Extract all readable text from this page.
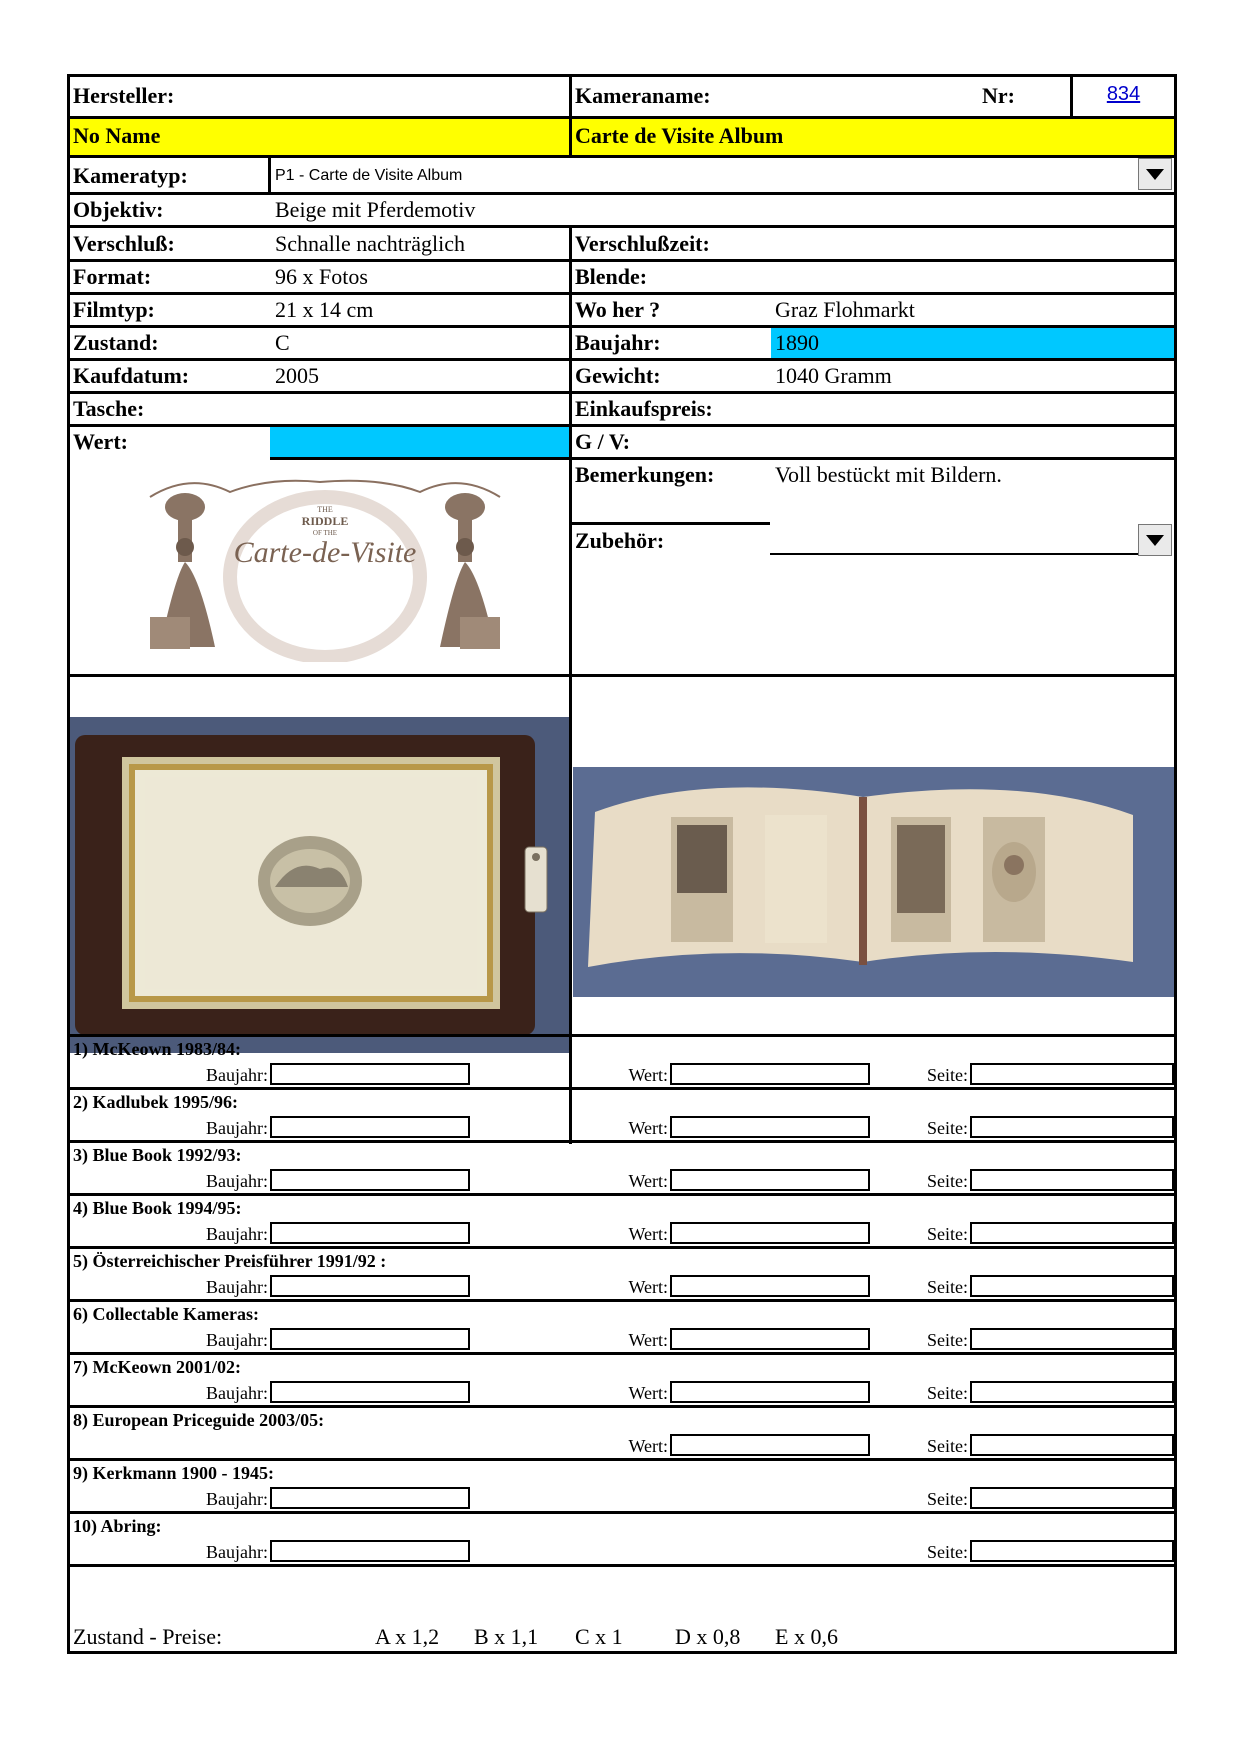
Hersteller:	Kameraname:	Nr:	834
No Name	Carte de Visite Album
Kameratyp:	P1 - Carte de Visite Album
Objektiv:	Beige mit Pferdemotiv
Verschluß:	Schnalle nachträglich	Verschlußzeit:
Format:	96 x Fotos	Blende:
Filmtyp:	21 x 14 cm	Wo her ?	Graz Flohmarkt
Zustand:	C	Baujahr:	1890
Kaufdatum:	2005	Gewicht:	1040 Gramm
Tasche:	Einkaufspreis:
Wert:	G / V:
Bemerkungen:	Voll bestückt mit Bildern.
Zubehör:
THE
RIDDLE
OF THE
Carte-de-Visite
1) McKeown 1983/84:
Baujahr:	Wert:	Seite:
2) Kadlubek 1995/96:
Baujahr:	Wert:	Seite:
3) Blue Book 1992/93:
Baujahr:	Wert:	Seite:
4) Blue Book 1994/95:
Baujahr:	Wert:	Seite:
5) Österreichischer Preisführer 1991/92 :
Baujahr:	Wert:	Seite:
6) Collectable Kameras:
Baujahr:	Wert:	Seite:
7) McKeown 2001/02:
Baujahr:	Wert:	Seite:
8) European Priceguide 2003/05:
Wert:	Seite:
9) Kerkmann 1900 - 1945:
Baujahr:	Seite:
10) Abring:
Baujahr:	Seite:
Zustand - Preise:	A x 1,2 B x 1,1 C x 1 D x 0,8 E x 0,6
